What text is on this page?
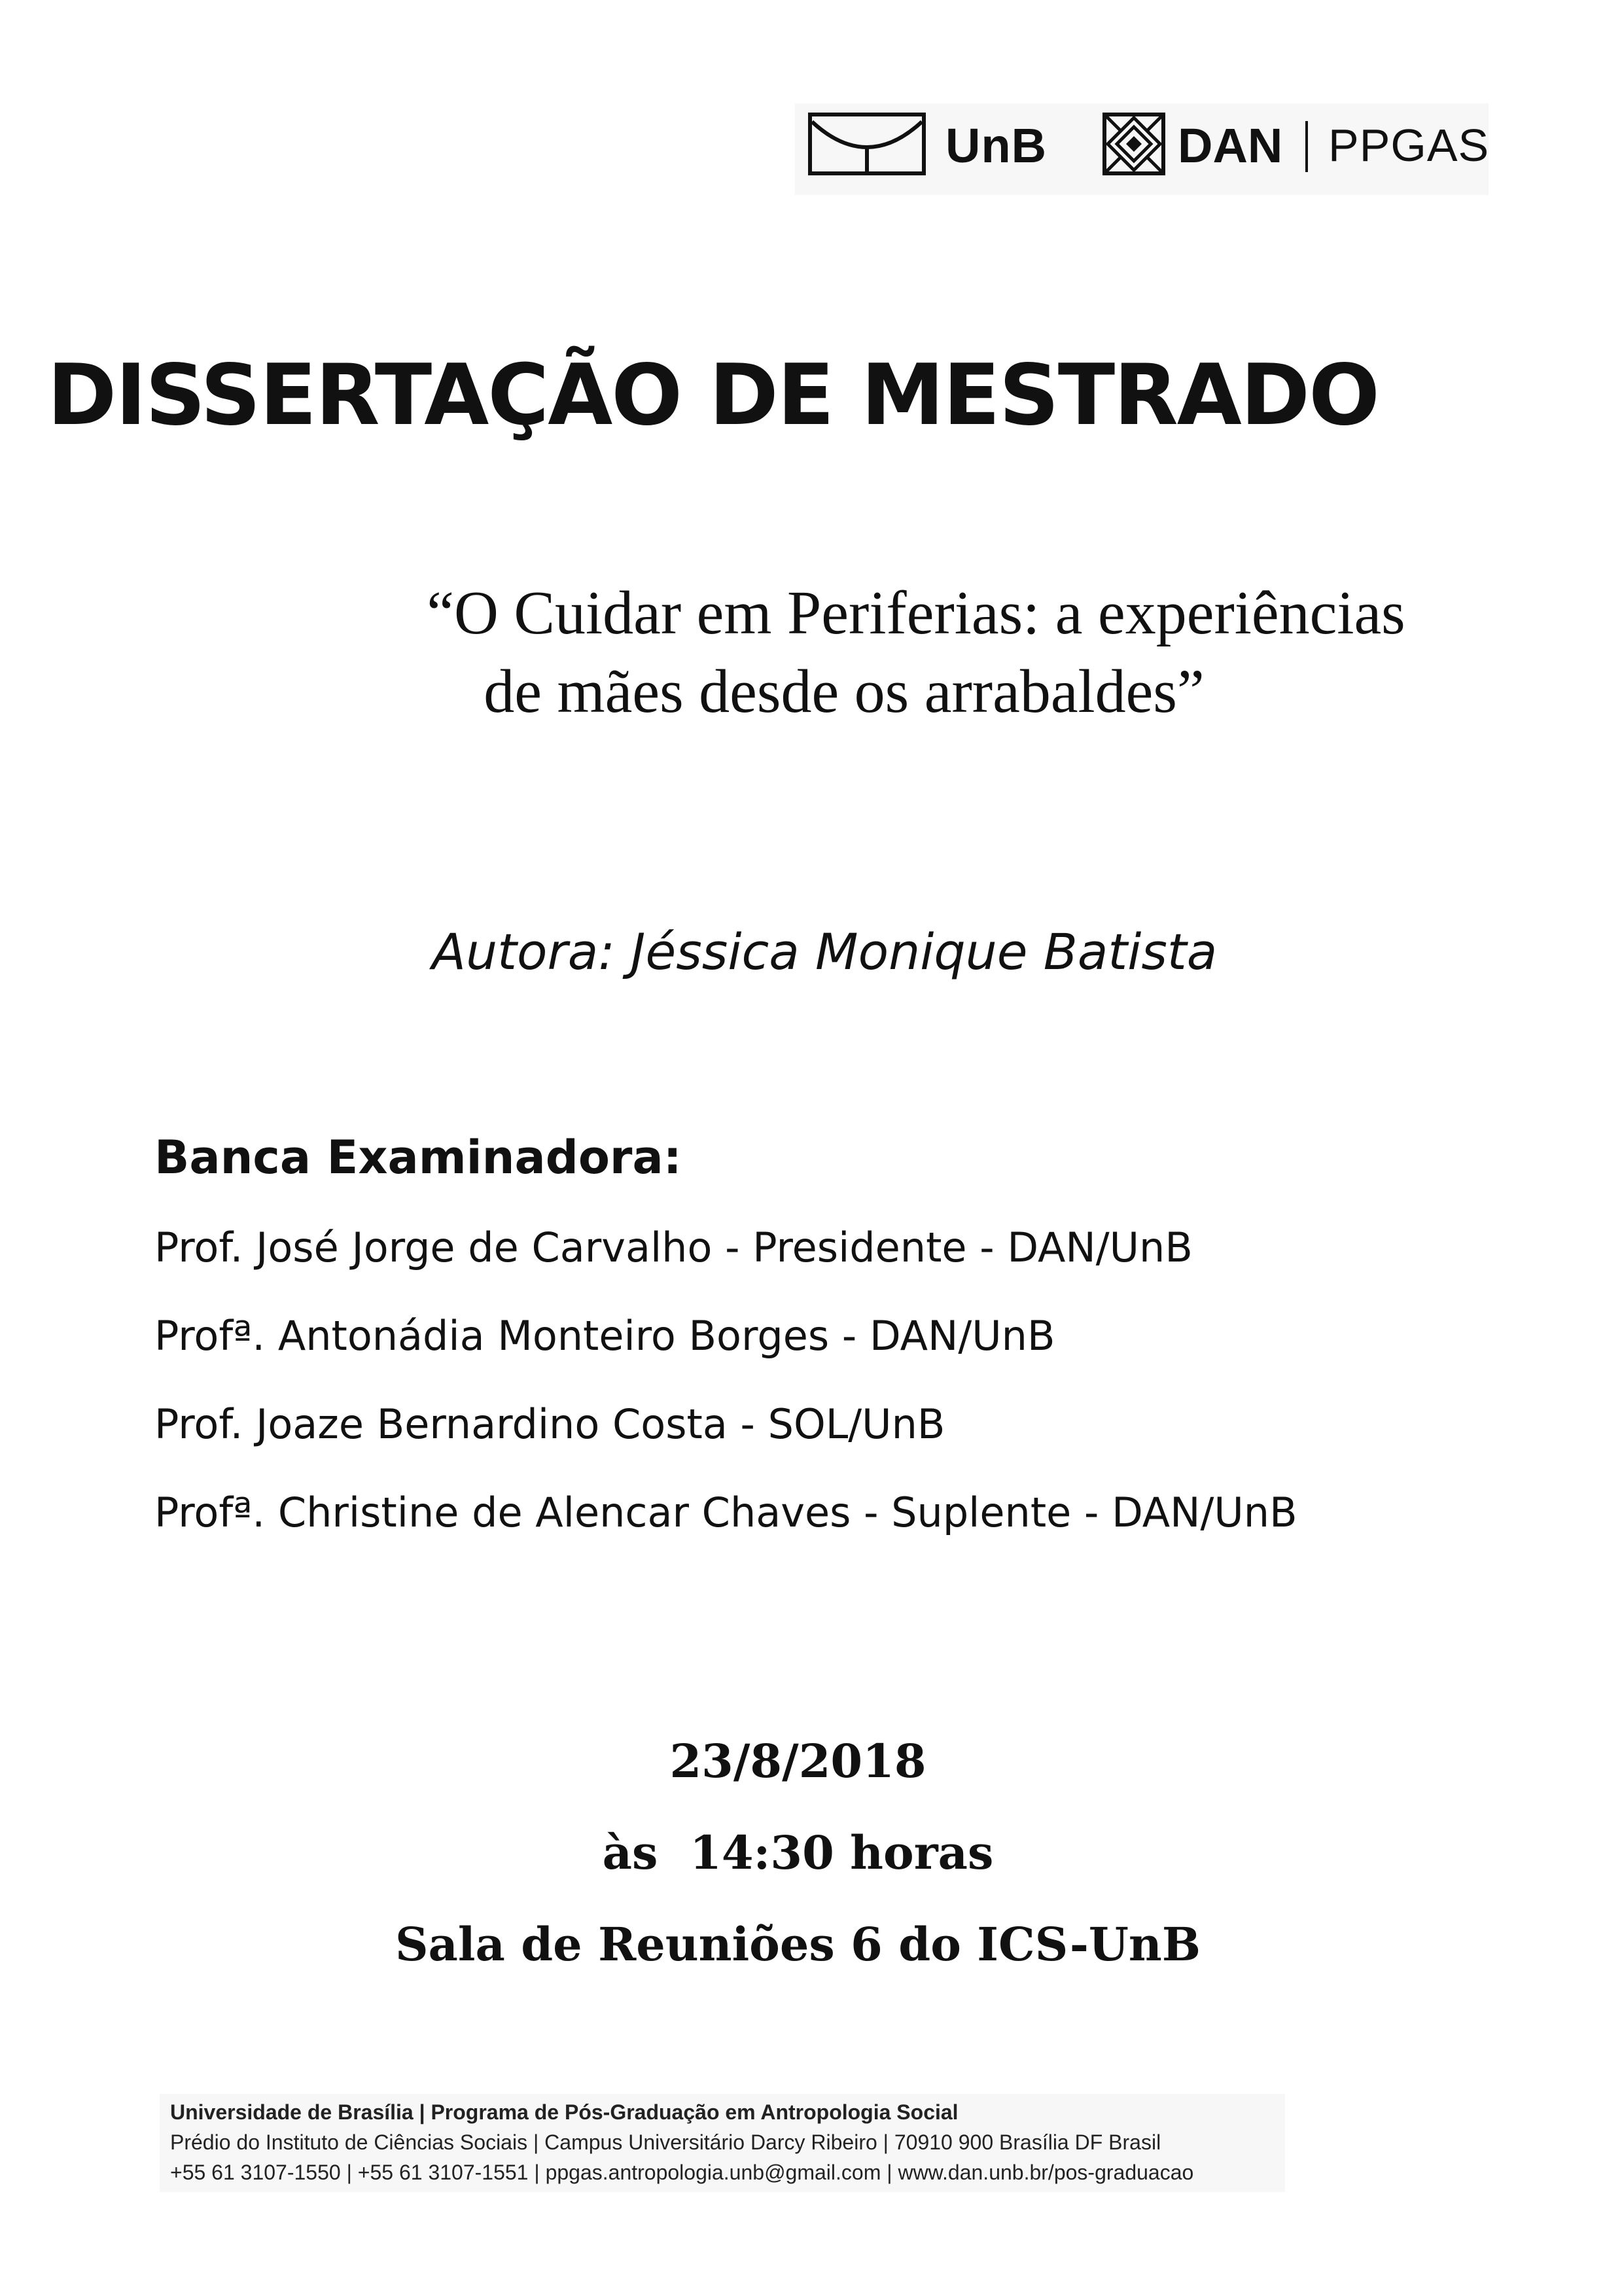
UnB	DAN PPGAS
DISSERTAÇÃO DE MESTRADO
“O Cuidar em Periferias: a experiências
de mães desde os arrabaldes”
Autora: Jéssica Monique Batista
Banca Examinadora:
Prof. José Jorge de Carvalho - Presidente - DAN/UnB
Profª. Antonádia Monteiro Borges - DAN/UnB
Prof. Joaze Bernardino Costa - SOL/UnB
Profª. Christine de Alencar Chaves - Suplente - DAN/UnB
23/8/2018
às  14:30 horas
Sala de Reuniões 6 do ICS-UnB
Universidade de Brasília | Programa de Pós-Graduação em Antropologia Social
Prédio do Instituto de Ciências Sociais | Campus Universitário Darcy Ribeiro | 70910 900 Brasília DF Brasil
+55 61 3107-1550 | +55 61 3107-1551 | ppgas.antropologia.unb@gmail.com | www.dan.unb.br/pos-graduacao
